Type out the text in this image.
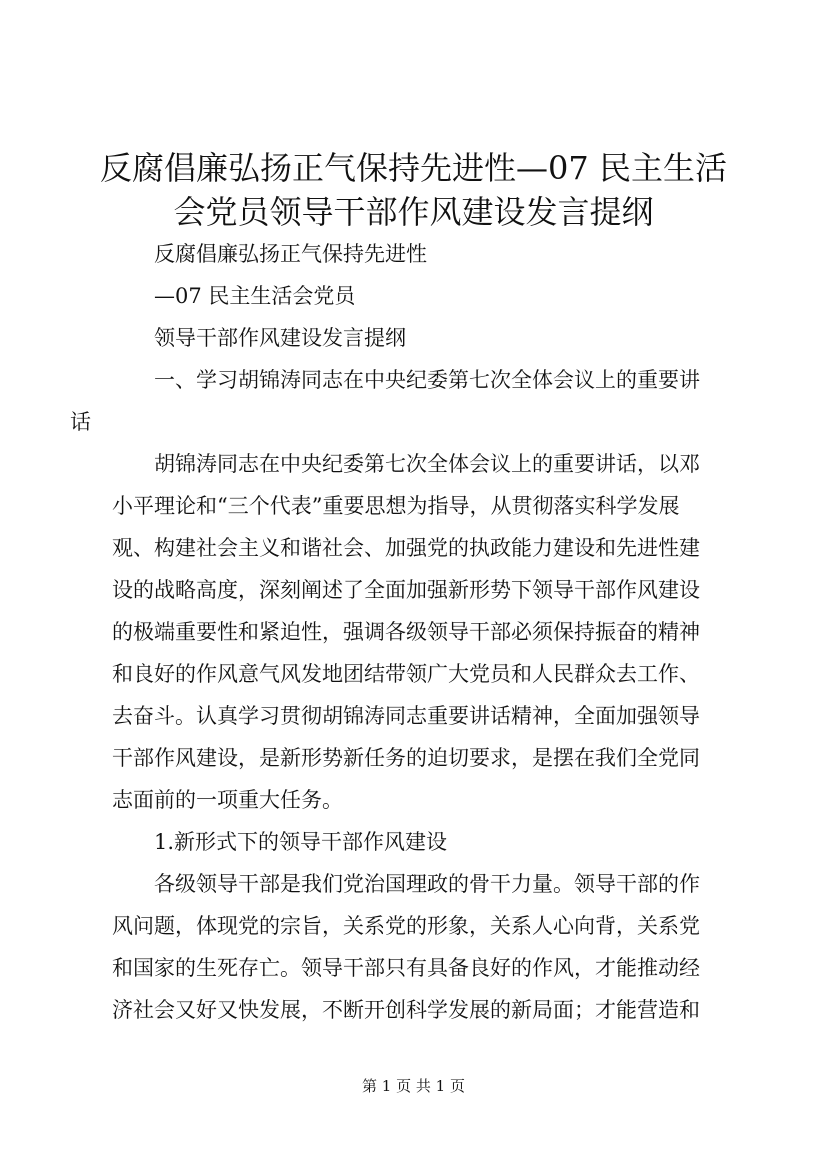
反腐倡廉弘扬正气保持先进性—07 民主生活
会党员领导干部作风建设发言提纲

反腐倡廉弘扬正气保持先进性

—07 民主生活会党员

领导干部作风建设发言提纲

一、学习胡锦涛同志在中央纪委第七次全体会议上的重要讲
话

胡锦涛同志在中央纪委第七次全体会议上的重要讲话，以邓
小平理论和“三个代表”重要思想为指导，从贯彻落实科学发展
观、构建社会主义和谐社会、加强党的执政能力建设和先进性建
设的战略高度，深刻阐述了全面加强新形势下领导干部作风建设
的极端重要性和紧迫性，强调各级领导干部必须保持振奋的精神
和良好的作风意气风发地团结带领广大党员和人民群众去工作、
去奋斗。认真学习贯彻胡锦涛同志重要讲话精神，全面加强领导
干部作风建设，是新形势新任务的迫切要求，是摆在我们全党同
志面前的一项重大任务。

1.新形式下的领导干部作风建设

各级领导干部是我们党治国理政的骨干力量。领导干部的作
风问题，体现党的宗旨，关系党的形象，关系人心向背，关系党
和国家的生死存亡。领导干部只有具备良好的作风，才能推动经
济社会又好又快发展，不断开创科学发展的新局面；才能营造和

第 1 页 共 1 页
